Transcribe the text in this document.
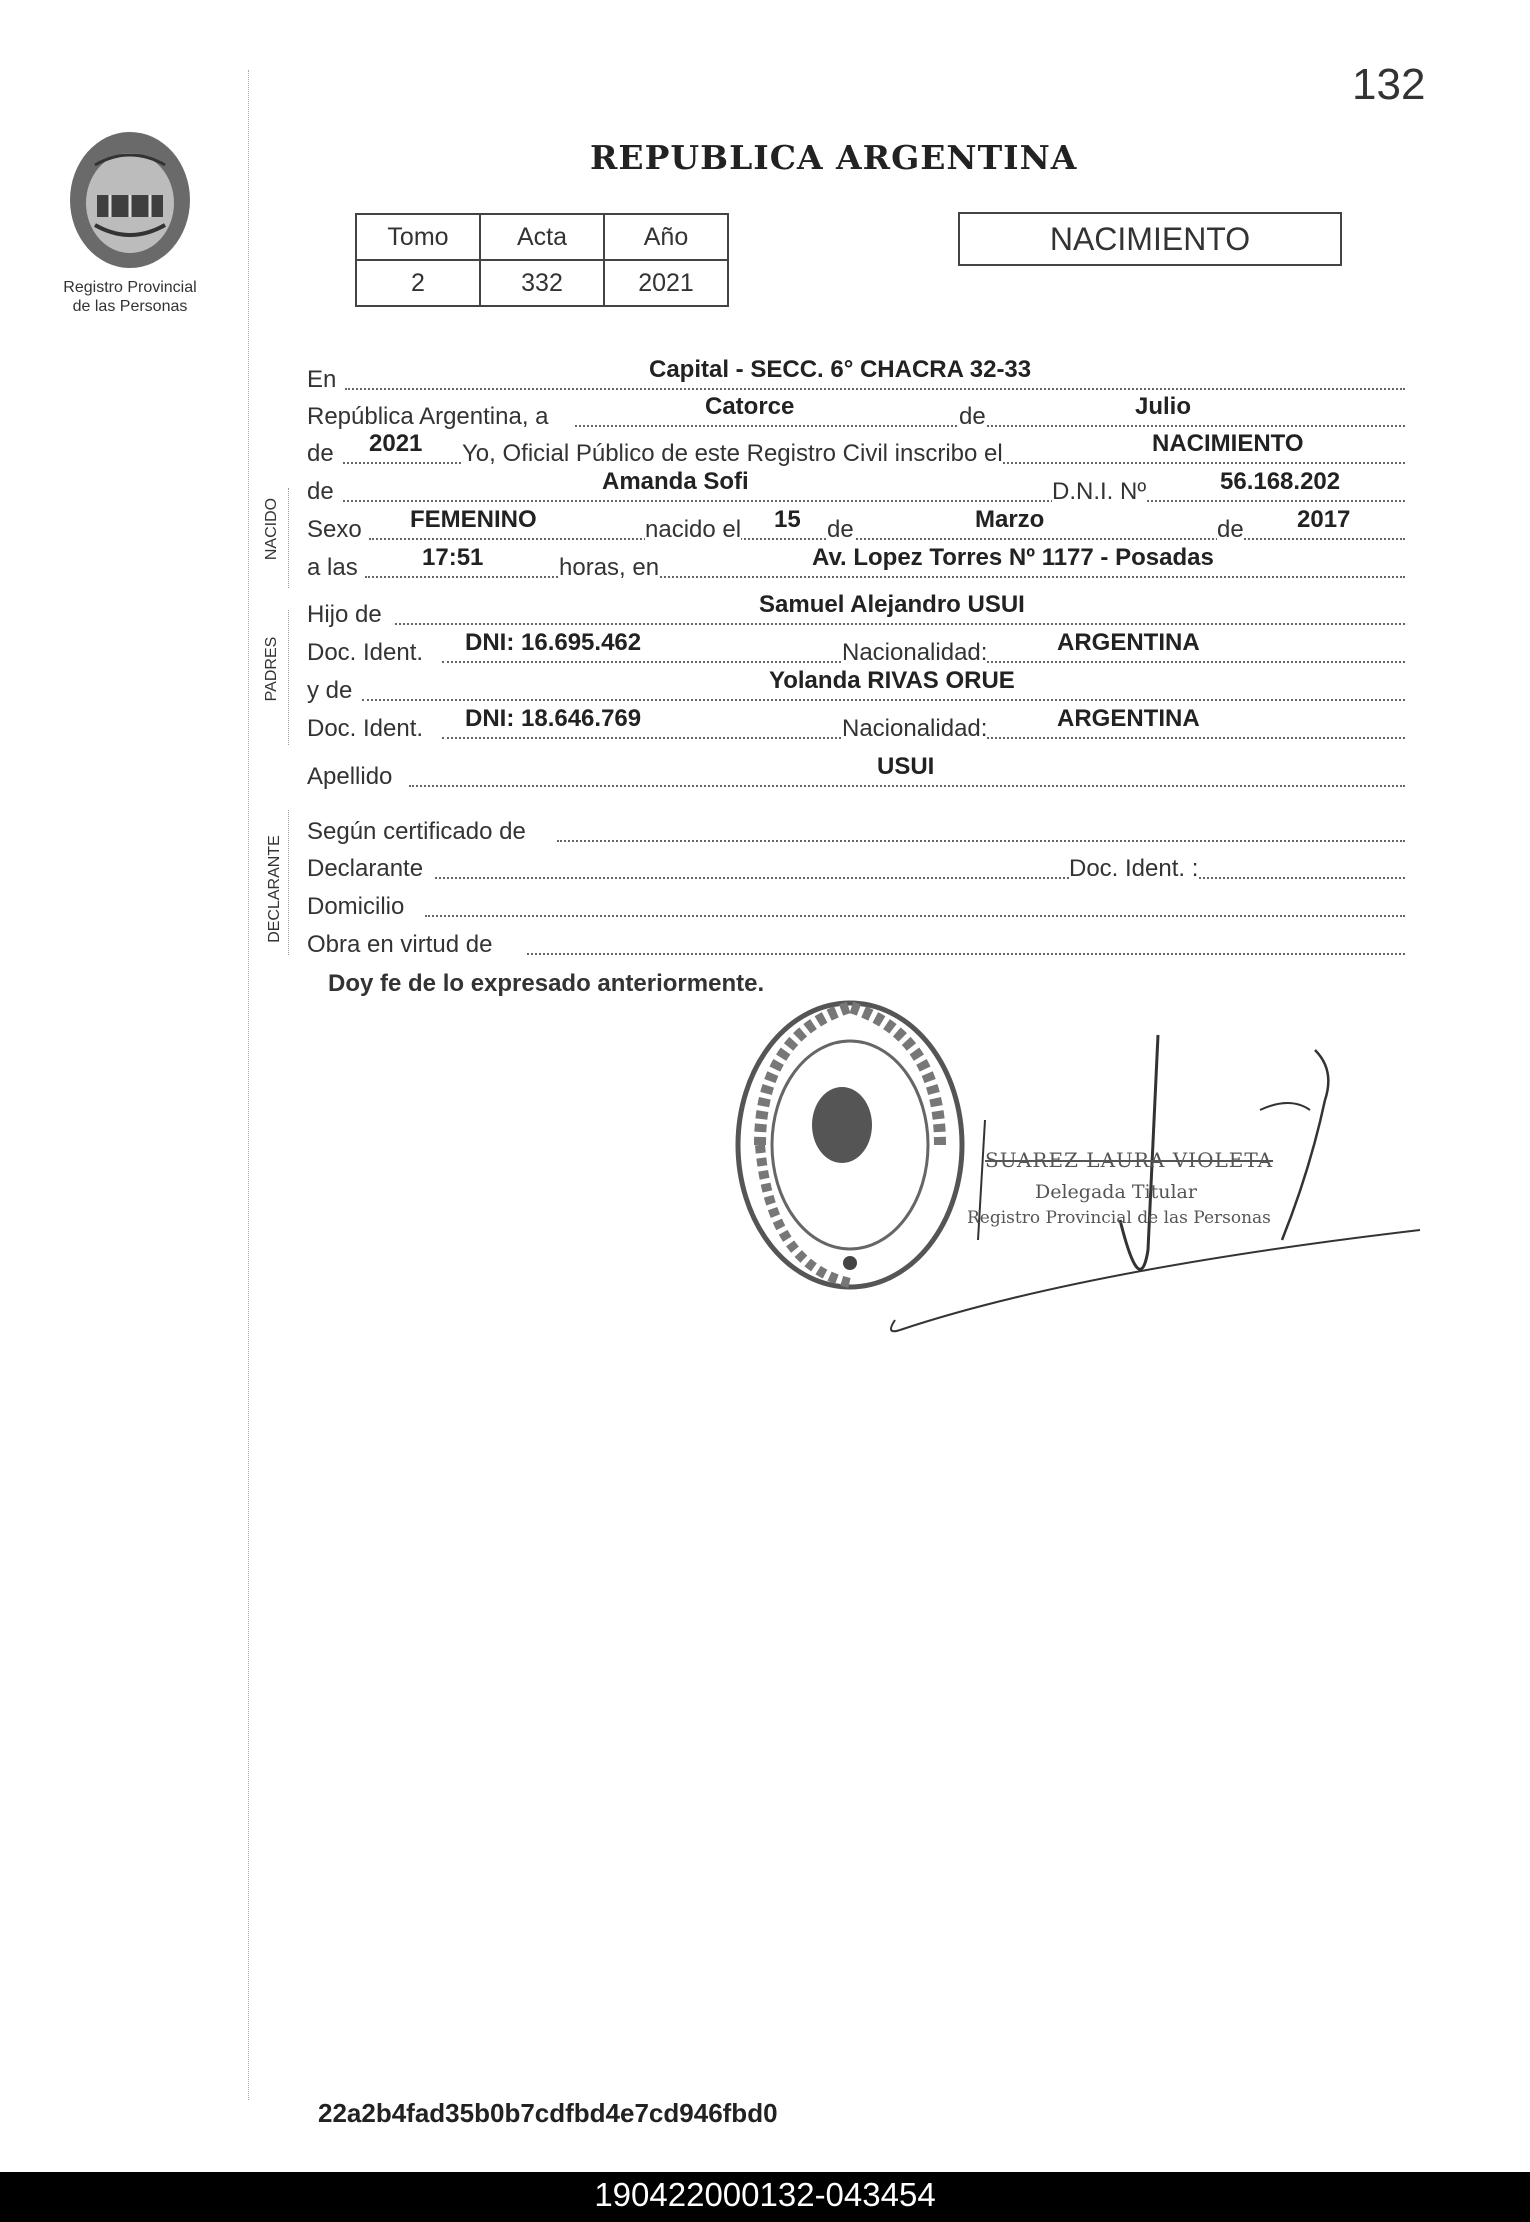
132
Registro Provincial
de las Personas
REPUBLICA ARGENTINA
Tomo	Acta	Año
2	332	2021
NACIMIENTO
NACIDO
PADRES
DECLARANTE
En	Capital - SECC. 6° CHACRA 32-33
República Argentina, a	Catorce	de	Julio
de 2021 Yo, Oficial Público de este Registro Civil inscribo el	NACIMIENTO
de	Amanda Sofi	D.N.I. Nº	56.168.202
Sexo FEMENINO	nacido el 15 de	Marzo	de 2017
a las	17:51	horas, en	Av. Lopez Torres Nº 1177 - Posadas
Hijo de	Samuel Alejandro USUI
Doc. Ident. DNI: 16.695.462	Nacionalidad:	ARGENTINA
y de	Yolanda RIVAS ORUE
Doc. Ident. DNI: 18.646.769	Nacionalidad:	ARGENTINA
Apellido	USUI
Según certificado de
Declarante	Doc. Ident. :
Domicilio
Obra en virtud de
Doy fe de lo expresado anteriormente.
SUAREZ LAURA VIOLETA
Delegada Titular
Registro Provincial de las Personas
22a2b4fad35b0b7cdfbd4e7cd946fbd0
190422000132-043454
